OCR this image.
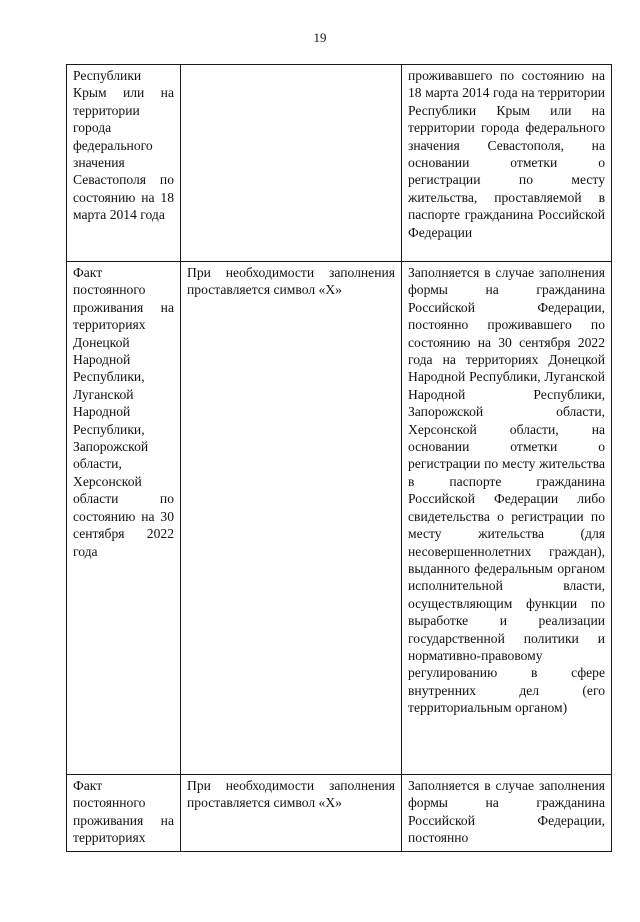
19
Республики Крым или на территории города федерального значения Севастополя по состоянию на 18 марта 2014 года		проживавшего по состоянию на 18 марта 2014 года на территории Республики Крым или на территории города федерального значения Севастополя, на основании отметки о регистрации по месту жительства, проставляемой в паспорте гражданина Российской Федерации

Факт постоянного проживания на территориях Донецкой Народной Республики, Луганской Народной Республики, Запорожской области, Херсонской области по состоянию на 30 сентября 2022 года	При необходимости заполнения проставляется символ «X»	Заполняется в случае заполнения формы на гражданина Российской Федерации, постоянно проживавшего по состоянию на 30 сентября 2022 года на территориях Донецкой Народной Республики, Луганской Народной Республики, Запорожской области, Херсонской области, на основании отметки о регистрации по месту жительства в паспорте гражданина Российской Федерации либо свидетельства о регистрации по месту жительства (для несовершеннолетних граждан), выданного федеральным органом исполнительной власти, осуществляющим функции по выработке и реализации государственной политики и нормативно-правовому регулированию в сфере внутренних дел (его территориальным органом)

Факт постоянного проживания на территориях	При необходимости заполнения проставляется символ «X»	Заполняется в случае заполнения формы на гражданина Российской Федерации, постоянно
